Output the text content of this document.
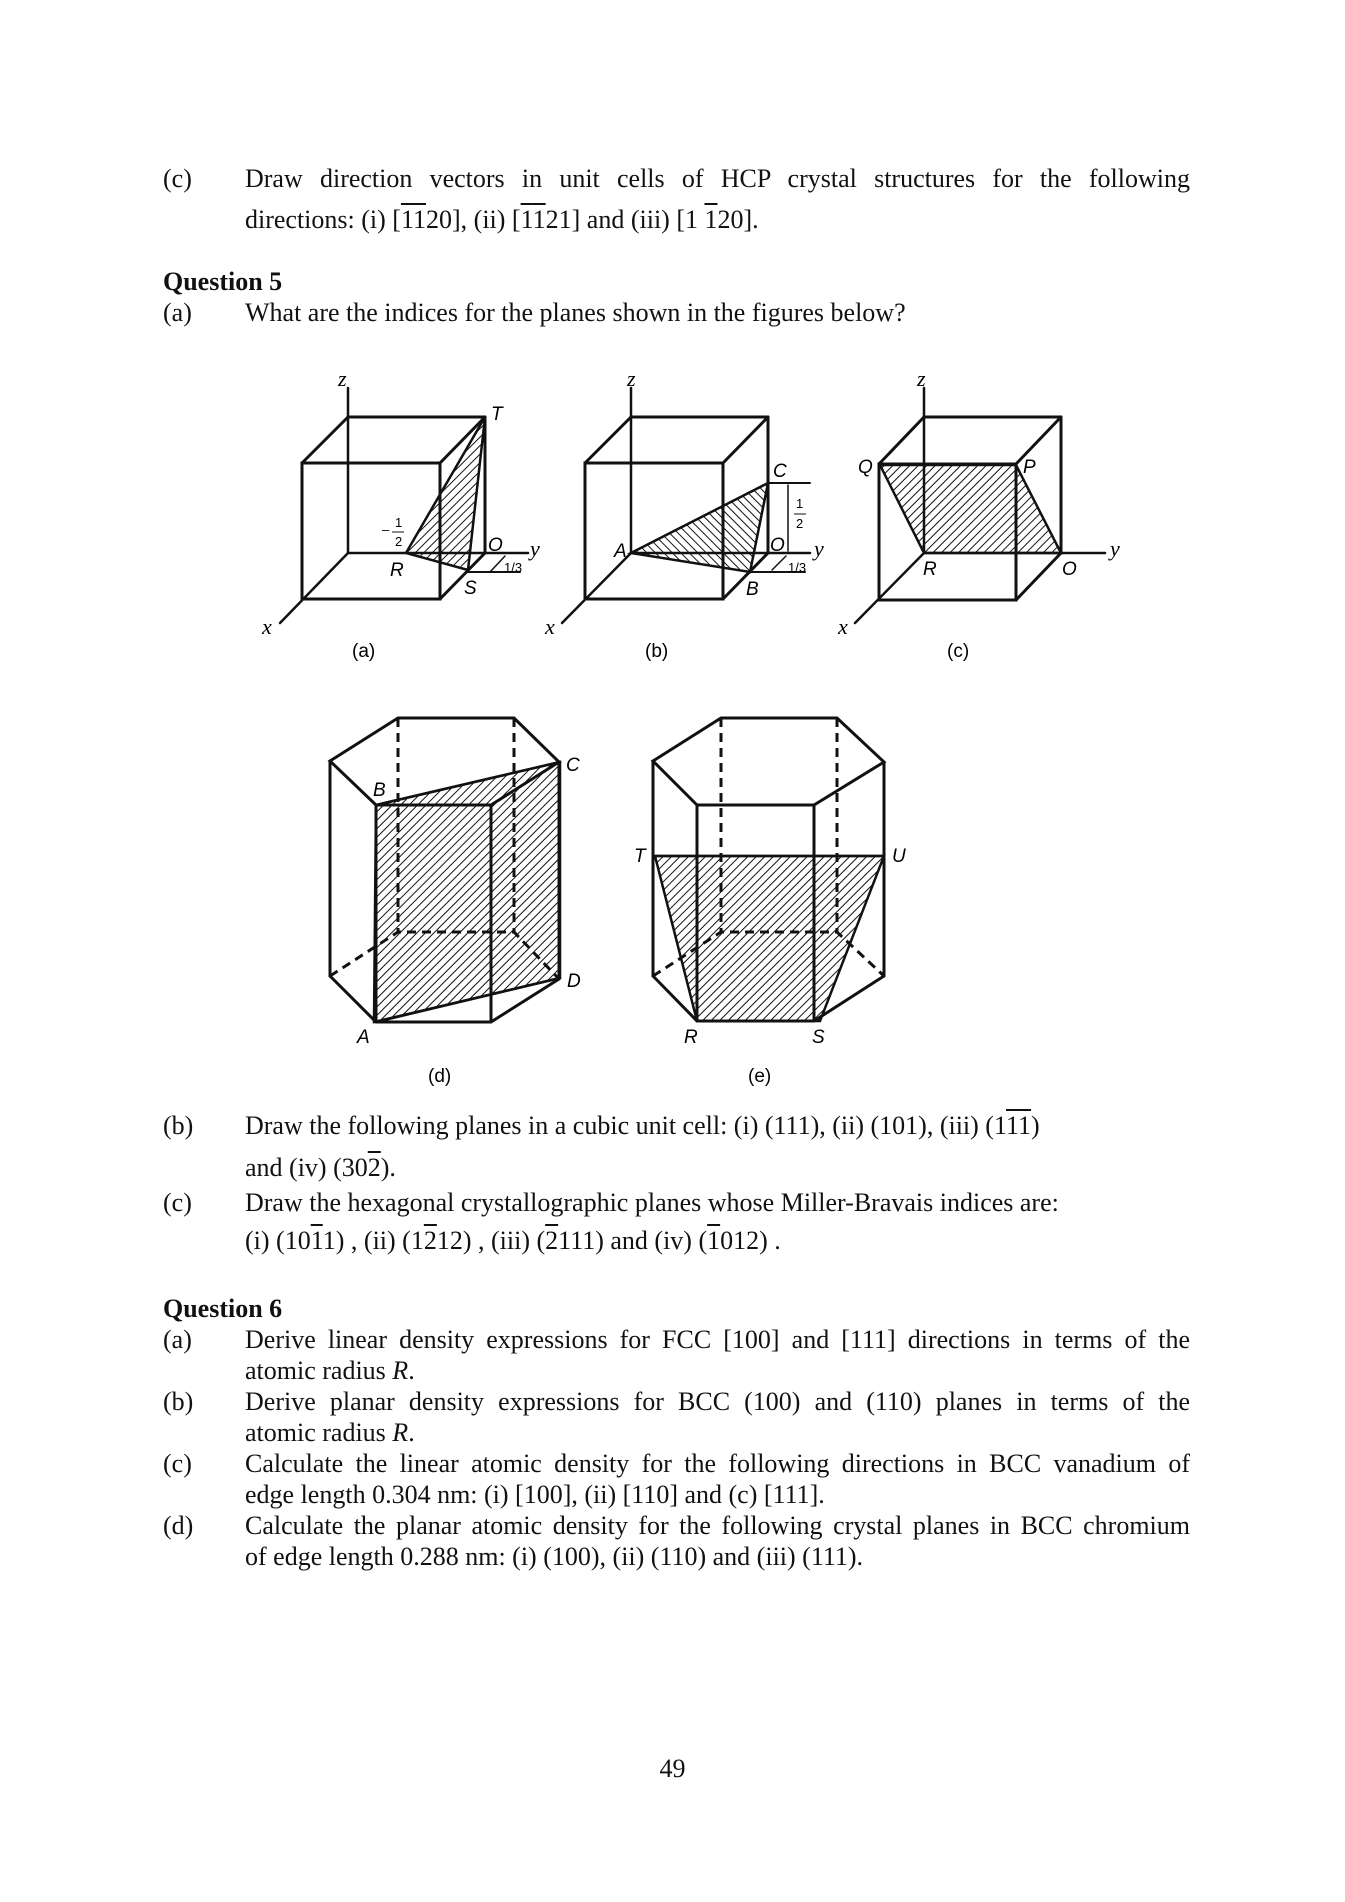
(c) Draw direction vectors in unit cells of HCP crystal structures for the following
directions: (i) [1120], (ii) [1121] and (iii) [1 120].
Question 5
(a) What are the indices for the planes shown in the figures below?
z
y
x
T
R
S
O
1/3
– 1
2
(a)
z
y
x
A
B
C
O
1
2
1/3
(b)
z
y
x
Q	P
R	O
(c)
B
C
D
A
(d)
T	U
R	S
(e)
(b) Draw the following planes in a cubic unit cell: (i) (111), (ii) (101), (iii) (111)
and (iv) (302).
(c) Draw the hexagonal crystallographic planes whose Miller-Bravais indices are:
(i) (1011) , (ii) (1212) , (iii) (2111) and (iv) (1012) .
Question 6
(a) Derive linear density expressions for FCC [100] and [111] directions in terms of the
atomic radius R.
(b) Derive planar density expressions for BCC (100) and (110) planes in terms of the
atomic radius R.
(c) Calculate the linear atomic density for the following directions in BCC vanadium of
edge length 0.304 nm: (i) [100], (ii) [110] and (c) [111].
(d) Calculate the planar atomic density for the following crystal planes in BCC chromium
of edge length 0.288 nm: (i) (100), (ii) (110) and (iii) (111).
49
